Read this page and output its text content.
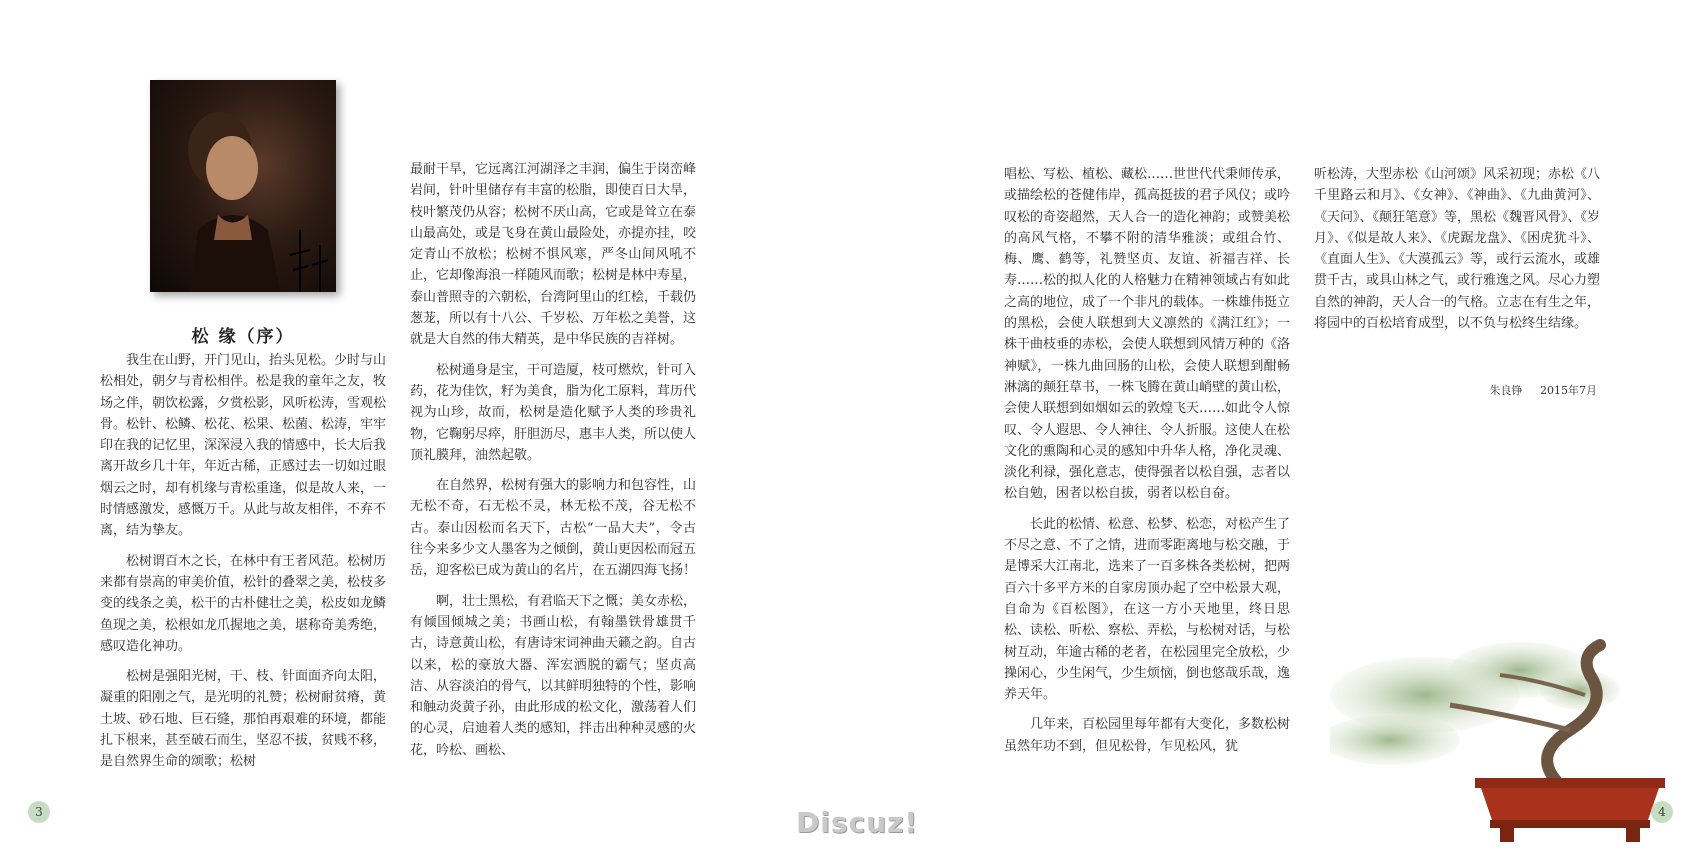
松 缘（序）

我生在山野，开门见山，抬头见松。少时与山松相处，朝夕与青松相伴。松是我的童年之友，牧场之伴，朝饮松露，夕赏松影，风听松涛，雪观松骨。松针、松鳞、松花、松果、松菌、松涛，牢牢印在我的记忆里，深深浸入我的情感中，长大后我离开故乡几十年，年近古稀，正感过去一切如过眼烟云之时，却有机缘与青松重逢，似是故人来，一时情感激发，感慨万千。从此与故友相伴，不弃不离，结为挚友。

松树谓百木之长，在林中有王者风范。松树历来都有崇高的审美价值，松针的叠翠之美，松枝多变的线条之美，松干的古朴健壮之美，松皮如龙鳞鱼现之美，松根如龙爪握地之美，堪称奇美秀绝，感叹造化神功。

松树是强阳光树，干、枝、针面面齐向太阳，凝重的阳刚之气，是光明的礼赞；松树耐贫瘠，黄土坡、砂石地、巨石缝，那怕再艰难的环境，都能扎下根来，甚至破石而生，坚忍不拔，贫贱不移，是自然界生命的颂歌；松树

最耐干旱，它远离江河湖泽之丰润，偏生于岗峦峰岩间，针叶里储存有丰富的松脂，即使百日大旱，枝叶繁茂仍从容；松树不厌山高，它或是耸立在泰山最高处，或是飞身在黄山最险处，亦提亦挂，咬定青山不放松；松树不惧风寒，严冬山间风吼不止，它却像海浪一样随风而歌；松树是林中寿星，泰山普照寺的六朝松，台湾阿里山的红桧，千载仍葱茏，所以有十八公、千岁松、万年松之美誉，这就是大自然的伟大精英，是中华民族的吉祥树。

松树通身是宝，干可造厦，枝可燃炊，针可入药，花为佳饮，籽为美食，脂为化工原料，茸历代视为山珍，故而，松树是造化赋予人类的珍贵礼物，它鞠躬尽瘁，肝胆沥尽，惠丰人类，所以使人顶礼膜拜，油然起敬。

在自然界，松树有强大的影响力和包容性，山无松不奇，石无松不灵，林无松不茂，谷无松不古。泰山因松而名天下，古松“一品大夫”，令古往今来多少文人墨客为之倾倒，黄山更因松而冠五岳，迎客松已成为黄山的名片，在五湖四海飞扬！

啊，壮士黑松，有君临天下之慨；美女赤松，有倾国倾城之美；书画山松，有翰墨铁骨雄贯千古，诗意黄山松，有唐诗宋词神曲天籁之韵。自古以来，松的豪放大器、浑宏洒脱的霸气；坚贞高洁、从容淡泊的骨气，以其鲜明独特的个性，影响和触动炎黄子孙，由此形成的松文化，激荡着人们的心灵，启迪着人类的感知，拌击出种种灵感的火花，吟松、画松、

3

唱松、写松、植松、藏松……世世代代秉师传承，或描绘松的苍健伟岸，孤高挺拔的君子风仪；或吟叹松的奇姿超然，天人合一的造化神韵；或赞美松的高风气格，不攀不附的清华雅淡；或组合竹、梅、鹰、鹤等，礼赞坚贞、友谊、祈福吉祥、长寿……松的拟人化的人格魅力在精神领域占有如此之高的地位，成了一个非凡的载体。一株雄伟挺立的黑松，会使人联想到大义凛然的《满江红》；一株干曲枝垂的赤松，会使人联想到风情万种的《洛神赋》，一株九曲回肠的山松，会使人联想到酣畅淋漓的颠狂草书，一株飞腾在黄山峭壁的黄山松，会使人联想到如烟如云的敦煌飞天……如此令人惊叹、令人遐思、令人神往、令人折服。这使人在松文化的熏陶和心灵的感知中升华人格，净化灵魂、淡化利禄，强化意志，使得强者以松自强，志者以松自勉，困者以松自拔，弱者以松自奋。

长此的松情、松意、松梦、松恋，对松产生了不尽之意、不了之情，进而零距离地与松交融，于是博采大江南北，选来了一百多株各类松树，把两百六十多平方米的自家房顶办起了空中松景大观，自命为《百松图》，在这一方小天地里，终日思松、读松、听松、察松、弄松，与松树对话，与松树互动，年逾古稀的老者，在松园里完全放松，少操闲心，少生闲气，少生烦恼，倒也悠哉乐哉，逸养天年。

几年来，百松园里每年都有大变化，多数松树虽然年功不到，但见松骨，乍见松风，犹

听松涛，大型赤松《山河颂》风采初现；赤松《八千里路云和月》、《女神》、《神曲》、《九曲黄河》、《天问》、《颠狂笔意》等，黑松《魏晋风骨》、《岁月》、《似是故人来》、《虎踞龙盘》、《困虎犹斗》、《直面人生》、《大漠孤云》等，或行云流水，或雄贯千古，或具山林之气，或行雅逸之风。尽心力塑自然的神韵，天人合一的气格。立志在有生之年，将园中的百松培育成型，以不负与松终生结缘。

朱良铮 2015年7月
4
Discuz!
